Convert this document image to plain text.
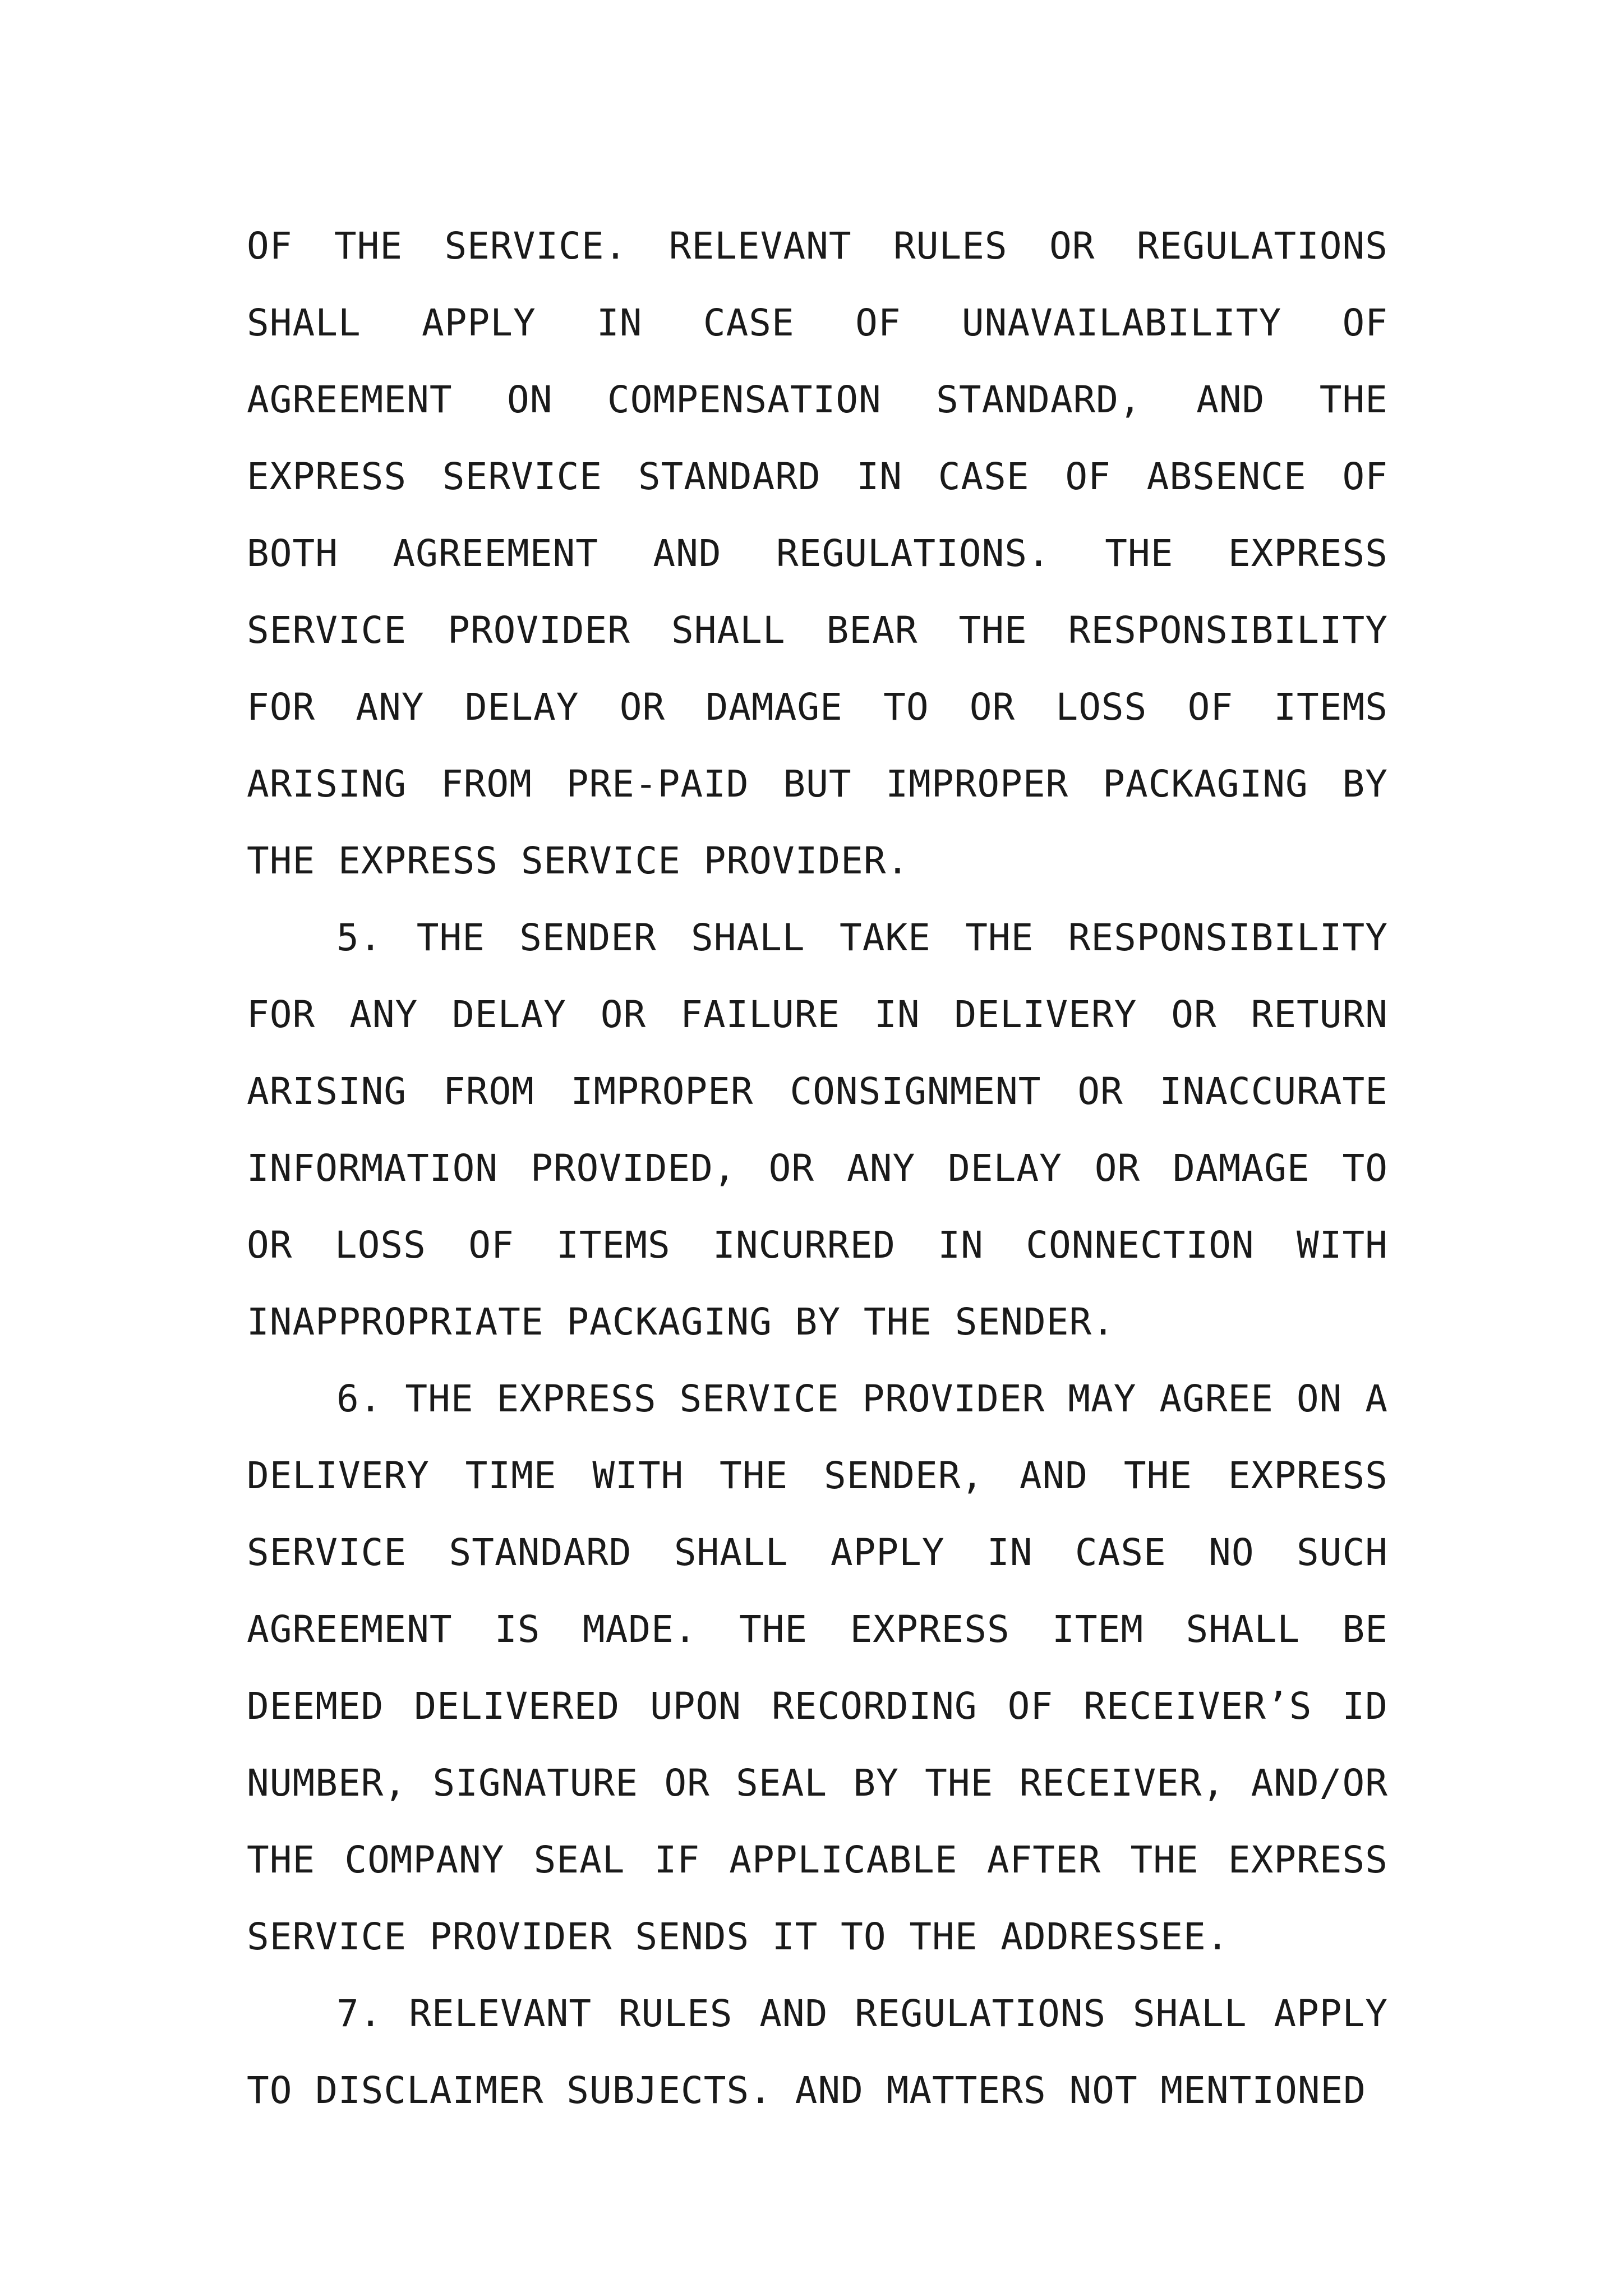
OF THE SERVICE. RELEVANT RULES OR REGULATIONS SHALL APPLY IN CASE OF UNAVAILABILITY OF AGREEMENT ON COMPENSATION STANDARD, AND THE EXPRESS SERVICE STANDARD IN CASE OF ABSENCE OF BOTH AGREEMENT AND REGULATIONS. THE EXPRESS SERVICE PROVIDER SHALL BEAR THE RESPONSIBILITY FOR ANY DELAY OR DAMAGE TO OR LOSS OF ITEMS ARISING FROM PRE-PAID BUT IMPROPER PACKAGING BY THE EXPRESS SERVICE PROVIDER.

5. THE SENDER SHALL TAKE THE RESPONSIBILITY FOR ANY DELAY OR FAILURE IN DELIVERY OR RETURN ARISING FROM IMPROPER CONSIGNMENT OR INACCURATE INFORMATION PROVIDED, OR ANY DELAY OR DAMAGE TO OR LOSS OF ITEMS INCURRED IN CONNECTION WITH INAPPROPRIATE PACKAGING BY THE SENDER.

6. THE EXPRESS SERVICE PROVIDER MAY AGREE ON A DELIVERY TIME WITH THE SENDER, AND THE EXPRESS SERVICE STANDARD SHALL APPLY IN CASE NO SUCH AGREEMENT IS MADE. THE EXPRESS ITEM SHALL BE DEEMED DELIVERED UPON RECORDING OF RECEIVER’S ID NUMBER, SIGNATURE OR SEAL BY THE RECEIVER, AND/OR THE COMPANY SEAL IF APPLICABLE AFTER THE EXPRESS SERVICE PROVIDER SENDS IT TO THE ADDRESSEE.

7. RELEVANT RULES AND REGULATIONS SHALL APPLY TO DISCLAIMER SUBJECTS. AND MATTERS NOT MENTIONED
